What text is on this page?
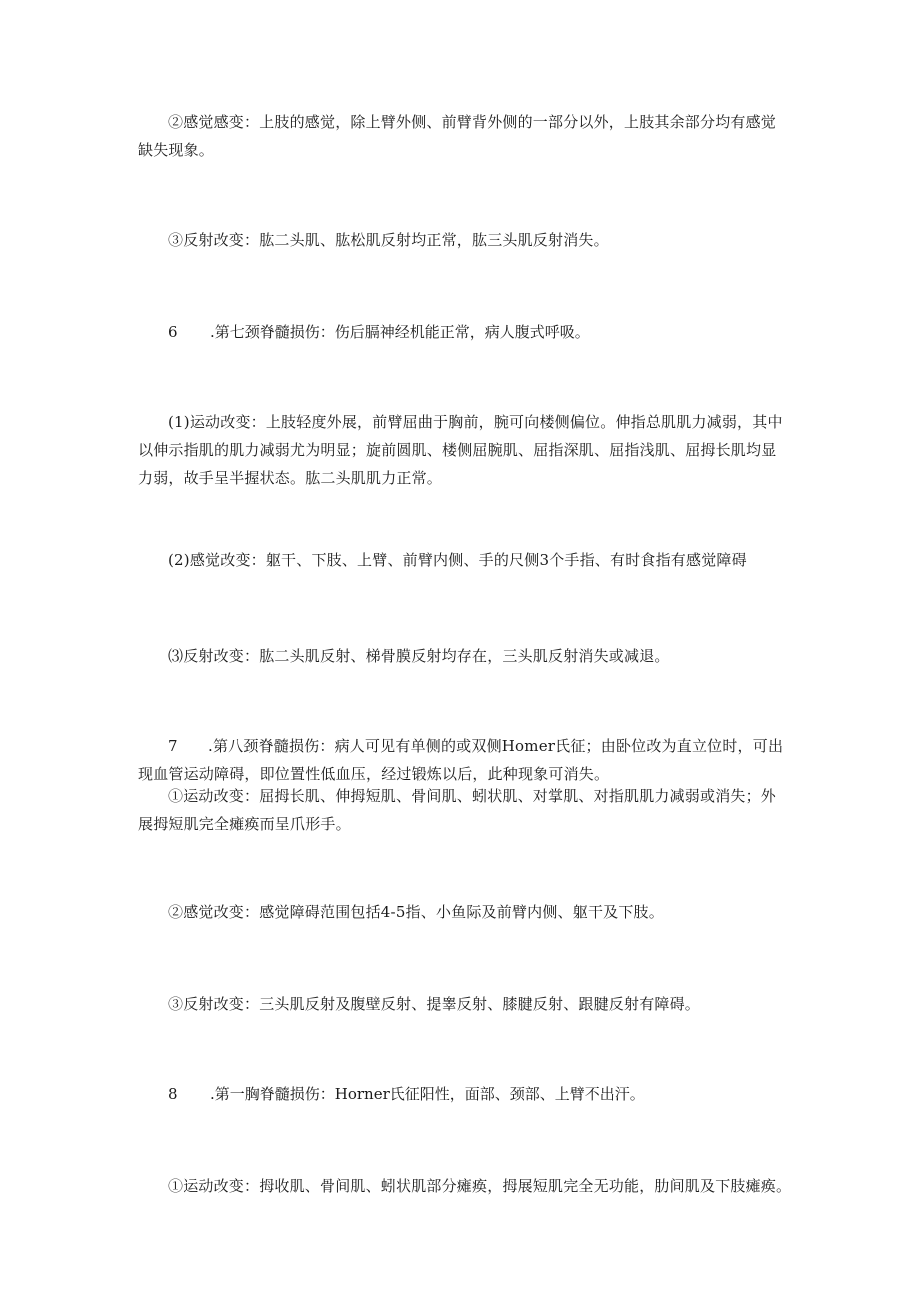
②感觉感变：上肢的感觉，除上臂外侧、前臂背外侧的一部分以外，上肢其余部分均有感觉缺失现象。

③反射改变：肱二头肌、肱松肌反射均正常，肱三头肌反射消失。

6 .第七颈脊髓损伤：伤后膈神经机能正常，病人腹式呼吸。

(1)运动改变：上肢轻度外展，前臂屈曲于胸前，腕可向楼侧偏位。伸指总肌肌力减弱，其中以伸示指肌的肌力减弱尤为明显；旋前圆肌、楼侧屈腕肌、屈指深肌、屈指浅肌、屈拇长肌均显力弱，故手呈半握状态。肱二头肌肌力正常。

(2)感觉改变：躯干、下肢、上臂、前臂内侧、手的尺侧3个手指、有时食指有感觉障碍

⑶反射改变：肱二头肌反射、梯骨膜反射均存在，三头肌反射消失或减退。

7 .第八颈脊髓损伤：病人可见有单侧的或双侧Homer氏征；由卧位改为直立位时，可出现血管运动障碍，即位置性低血压，经过锻炼以后，此种现象可消失。

①运动改变：屈拇长肌、伸拇短肌、骨间肌、蚓状肌、对掌肌、对指肌肌力减弱或消失；外展拇短肌完全瘫痪而呈爪形手。

②感觉改变：感觉障碍范围包括4-5指、小鱼际及前臂内侧、躯干及下肢。

③反射改变：三头肌反射及腹壁反射、提睾反射、膝腱反射、跟腱反射有障碍。

8 .第一胸脊髓损伤：Horner氏征阳性，面部、颈部、上臂不出汗。

①运动改变：拇收肌、骨间肌、蚓状肌部分瘫痪，拇展短肌完全无功能，肋间肌及下肢瘫痪。
